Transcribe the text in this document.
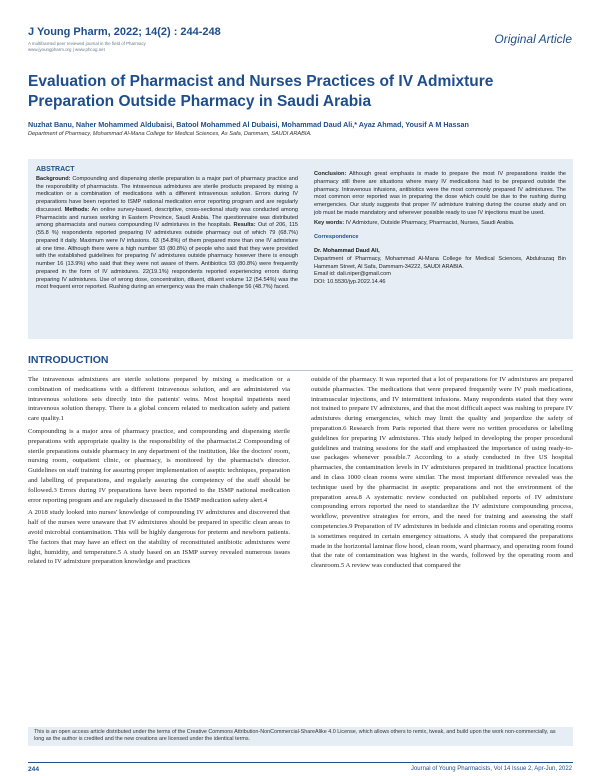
J Young Pharm, 2022; 14(2) : 244-248
A multifaceted peer reviewed journal in the field of Pharmacy
www.jyoungpharm.org | www.phcog.net
Original Article
Evaluation of Pharmacist and Nurses Practices of IV Admixture Preparation Outside Pharmacy in Saudi Arabia
Nuzhat Banu, Naher Mohammed Aldubaisi, Batool Mohammed Al Dubaisi, Mohammad Daud Ali,* Ayaz Ahmad, Yousif A M Hassan
Department of Pharmacy, Mohammad Al-Mana College for Medical Sciences, As Safa, Dammam, SAUDI ARABIA.
ABSTRACT
Background: Compounding and dispensing sterile preparation is a major part of pharmacy practice and the responsibility of pharmacists. The intravenous admixtures are sterile products prepared by mixing a medication or a combination of medications with a different intravenous solution. Errors during IV preparations have been reported to ISMP national medication error reporting program and are regularly discussed. Methods: An online survey-based, descriptive, cross-sectional study was conducted among Pharmacists and nurses working in Eastern Province, Saudi Arabia. The questionnaire was distributed among pharmacists and nurses compounding IV admixtures in the hospitals. Results: Out of 206, 115 (55.8 %) respondents reported preparing IV admixtures outside pharmacy out of which 79 (68.7%) prepared it daily. Maximum were IV infusions. 63 (54.8%) of them prepared more than one IV admixture at one time. Although there were a high number 93 (80.8%) of people who said that they were provided with the established guidelines for preparing IV admixtures outside pharmacy however there is enough number 16 (13.9%) who said that they were not aware of them. Antibiotics 93 (80.8%) were frequently prepared in the form of IV admixtures. 22(19.1%) respondents reported experiencing errors during preparing IV admixtures. Use of wrong dose, concentration, diluent, diluent volume 12 (54.54%) was the most frequent error reported. Rushing during an emergency was the main challenge 56 (48.7%) faced.
Conclusion: Although great emphasis is made to prepare the most IV preparations inside the pharmacy still there are situations where many IV medications had to be prepared outside the pharmacy. Intravenous infusions, antibiotics were the most commonly prepared IV admixtures. The most common error reported was in preparing the dose which could be due to the rushing during emergencies. Our study suggests that proper IV admixture training during the course study and on job must be made mandatory and wherever possible ready to use IV injections must be used.
Key words: IV Admixture, Outside Pharmacy, Pharmacist, Nurses, Saudi Arabia.
Correspondence
Dr. Mohammad Daud Ali,
Department of Pharmacy, Mohammad Al-Mana College for Medical Sciences, Abdulrazaq Bin Hammam Street, Al Safa, Dammam-34222, SAUDI ARABIA.
Email id: dali.niper@gmail.com
DOI: 10.5530/jyp.2022.14.46
INTRODUCTION

The intravenous admixtures are sterile solutions prepared by mixing a medication or a combination of medications with a different intravenous solution, and are administered via intravenous solutions sets directly into the patients' veins. Most hospital inpatients need intravenous solution therapy. There is a global concern related to medication safety and patient care quality.1

Compounding is a major area of pharmacy practice, and compounding and dispensing sterile preparations with appropriate quality is the responsibility of the pharmacist.2 Compounding of sterile preparations outside pharmacy in any department of the institution, like the doctors' room, nursing room, outpatient clinic, or pharmacy, is monitored by the pharmacist's director. Guidelines on staff training for assuring proper implementation of aseptic techniques, preparation and labelling of preparations, and regularly assuring the competency of the staff should be followed.3 Errors during IV preparations have been reported to the ISMP national medication error reporting program and are regularly discussed in the ISMP medication safety alert.4

A 2018 study looked into nurses' knowledge of compounding IV admixtures and discovered that half of the nurses were unaware that IV admixtures should be prepared in specific clean areas to avoid microbial contamination. This will be highly dangerous for preterm and newborn patients. The factors that may have an effect on the stability of reconstituted antibiotic admixtures were light, humidity, and temperature.5 A study based on an ISMP survey revealed numerous issues related to IV admixture preparation knowledge and practices

outside of the pharmacy. It was reported that a lot of preparations for IV admixtures are prepared outside pharmacies. The medications that were prepared frequently were IV push medications, intramuscular injections, and IV intermittent infusions. Many respondents stated that they were not trained to prepare IV admixtures, and that the most difficult aspect was rushing to prepare IV admixtures during emergencies, which may limit the quality and jeopardize the safety of preparation.6 Research from Paris reported that there were no written procedures or labelling guidelines for preparing IV admixtures. This study helped in developing the proper procedural guidelines and training sessions for the staff and emphasized the importance of using ready-to-use packages whenever possible.7 According to a study conducted in five US hospital pharmacies, the contamination levels in IV admixtures prepared in traditional practice locations and in class 1000 clean rooms were similar. The most important difference revealed was the technique used by the pharmacist in aseptic preparations and not the environment of the preparation area.8 A systematic review conducted on published reports of IV admixture compounding errors reported the need to standardize the IV admixture compounding process, workflow, preventive strategies for errors, and the need for training and assessing the staff competencies.9 Preparation of IV admixtures in bedside and clinician rooms and operating rooms is sometimes required in certain emergency situations. A study that compared the preparations made in the horizontal laminar flow hood, clean room, ward pharmacy, and operating room found that the rate of contamination was highest in the wards, followed by the operating room and cleanroom.5 A review was conducted that compared the

This is an open access article distributed under the terms of the Creative Commons Attribution-NonCommercial-ShareAlike 4.0 License, which allows others to remix, tweak, and build upon the work non-commercially, as long as the author is credited and the new creations are licensed under the identical terms.
244	Journal of Young Pharmacists, Vol 14 Issue 2, Apr-Jun, 2022
